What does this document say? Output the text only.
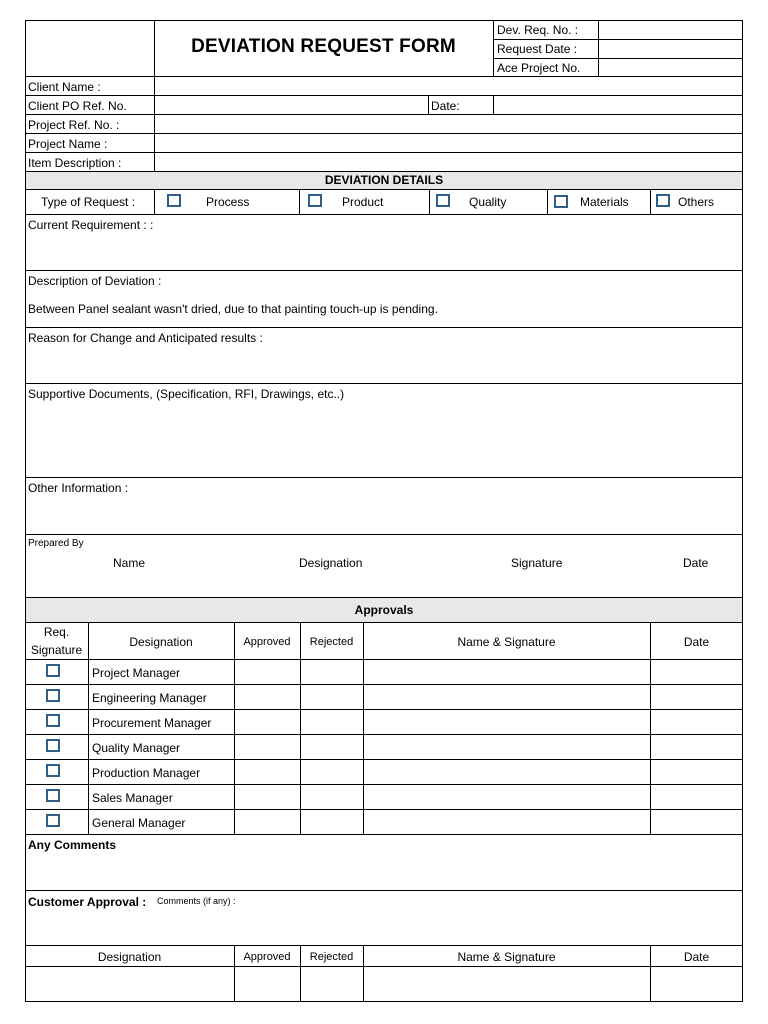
DEVIATION REQUEST FORM
Dev. Req. No. :
Request Date :
Ace Project No.
Client Name :
Client PO Ref. No.	Date:
Project Ref. No. :
Project Name :
Item Description :
DEVIATION DETAILS
Type of Request :	Process	Product	Quality	Materials	Others
Current Requirement : :
Description of Deviation :
Between Panel sealant wasn't dried, due to that painting touch-up is pending.
Reason for Change and Anticipated results :
Supportive Documents, (Specification, RFI, Drawings, etc..)
Other Information :
Prepared By
Name	Designation	Signature	Date
Approvals
Req.
Signature
Designation	Approved	Rejected	Name & Signature	Date
Project Manager
Engineering Manager
Procurement Manager
Quality Manager
Production Manager
Sales Manager
General Manager
Any Comments
Customer Approval : Comments (if any) :
Designation	Approved	Rejected	Name & Signature	Date
